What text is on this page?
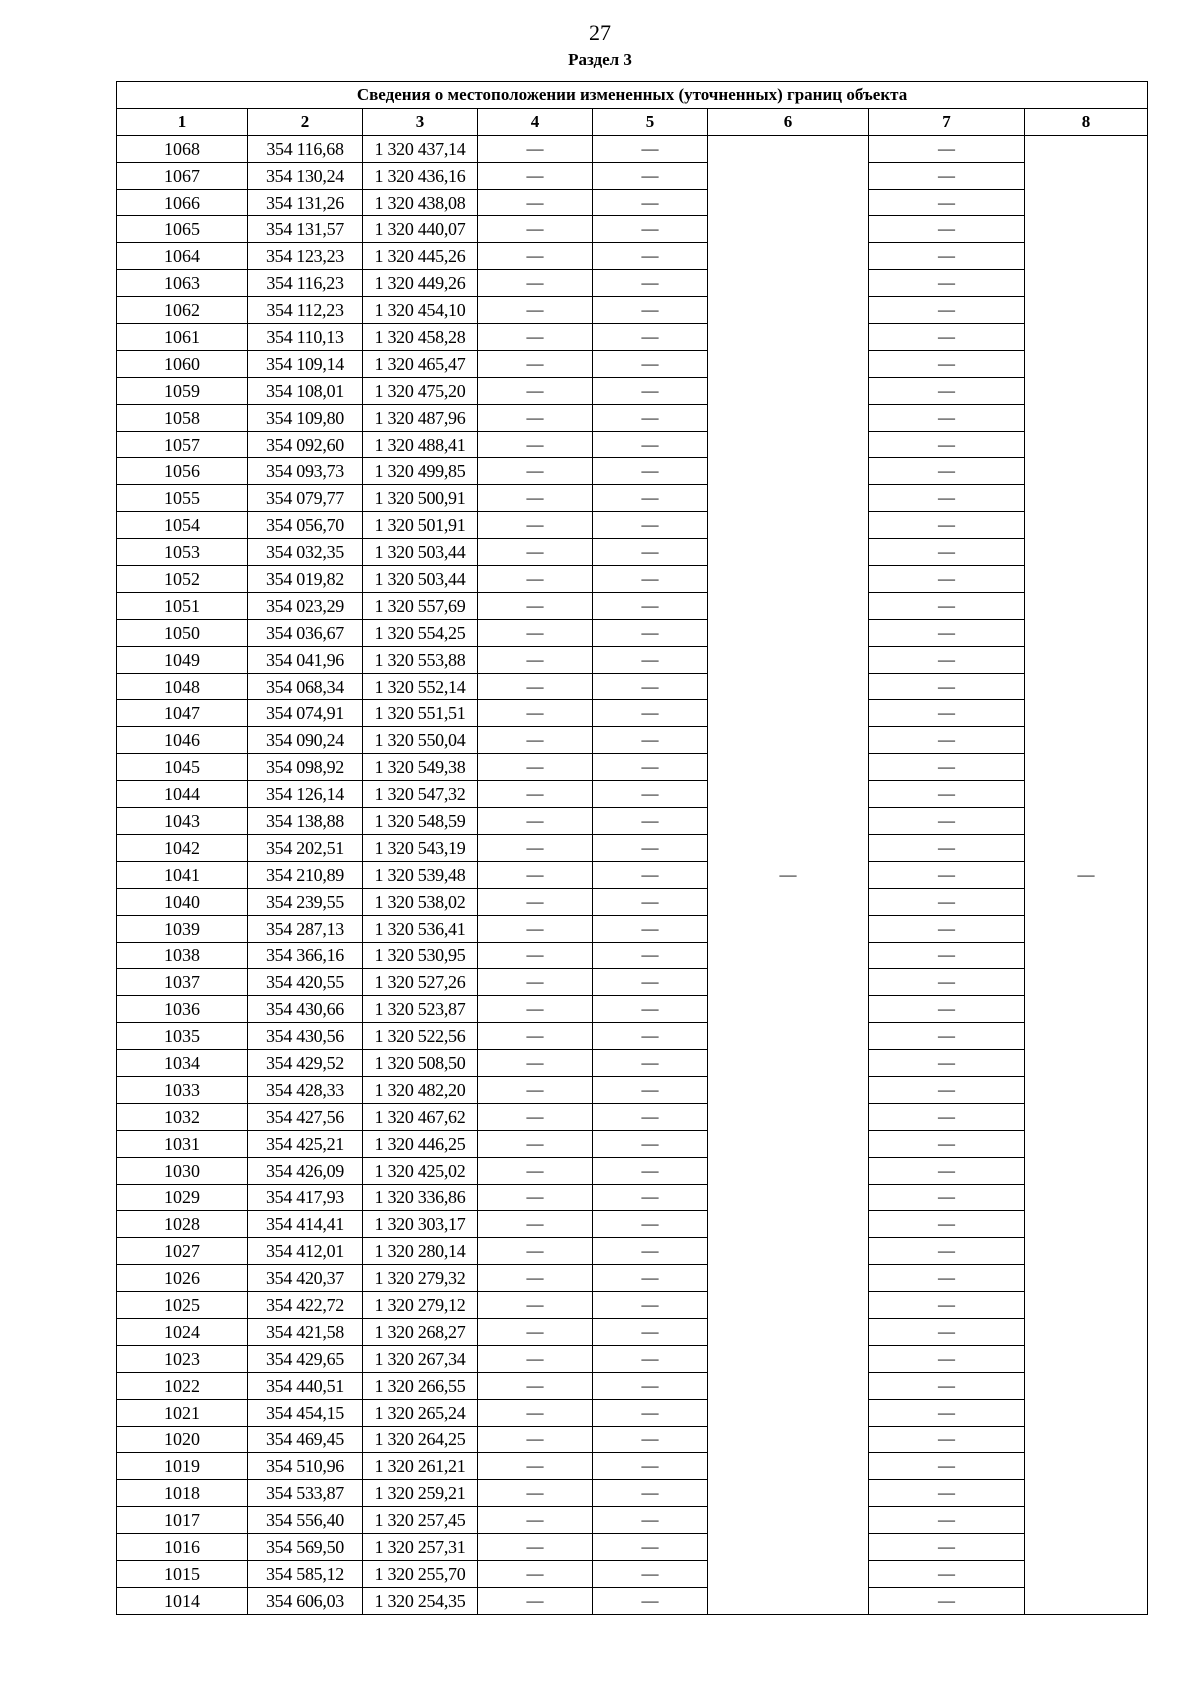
27
Раздел 3
Сведения о местоположении измененных (уточненных) границ объекта							
1	2	3	4	5	6	7	8
1068	354 116,68	1 320 437,14	—	—	—	—	—
1067	354 130,24	1 320 436,16	—	—		—	
1066	354 131,26	1 320 438,08	—	—		—	
1065	354 131,57	1 320 440,07	—	—		—	
1064	354 123,23	1 320 445,26	—	—		—	
1063	354 116,23	1 320 449,26	—	—		—	
1062	354 112,23	1 320 454,10	—	—		—	
1061	354 110,13	1 320 458,28	—	—		—	
1060	354 109,14	1 320 465,47	—	—		—	
1059	354 108,01	1 320 475,20	—	—		—	
1058	354 109,80	1 320 487,96	—	—		—	
1057	354 092,60	1 320 488,41	—	—		—	
1056	354 093,73	1 320 499,85	—	—		—	
1055	354 079,77	1 320 500,91	—	—		—	
1054	354 056,70	1 320 501,91	—	—		—	
1053	354 032,35	1 320 503,44	—	—		—	
1052	354 019,82	1 320 503,44	—	—		—	
1051	354 023,29	1 320 557,69	—	—		—	
1050	354 036,67	1 320 554,25	—	—		—	
1049	354 041,96	1 320 553,88	—	—		—	
1048	354 068,34	1 320 552,14	—	—		—	
1047	354 074,91	1 320 551,51	—	—		—	
1046	354 090,24	1 320 550,04	—	—		—	
1045	354 098,92	1 320 549,38	—	—		—	
1044	354 126,14	1 320 547,32	—	—		—	
1043	354 138,88	1 320 548,59	—	—		—	
1042	354 202,51	1 320 543,19	—	—		—	
1041	354 210,89	1 320 539,48	—	—		—	
1040	354 239,55	1 320 538,02	—	—		—	
1039	354 287,13	1 320 536,41	—	—		—	
1038	354 366,16	1 320 530,95	—	—		—	
1037	354 420,55	1 320 527,26	—	—		—	
1036	354 430,66	1 320 523,87	—	—		—	
1035	354 430,56	1 320 522,56	—	—		—	
1034	354 429,52	1 320 508,50	—	—		—	
1033	354 428,33	1 320 482,20	—	—		—	
1032	354 427,56	1 320 467,62	—	—		—	
1031	354 425,21	1 320 446,25	—	—		—	
1030	354 426,09	1 320 425,02	—	—		—	
1029	354 417,93	1 320 336,86	—	—		—	
1028	354 414,41	1 320 303,17	—	—		—	
1027	354 412,01	1 320 280,14	—	—		—	
1026	354 420,37	1 320 279,32	—	—		—	
1025	354 422,72	1 320 279,12	—	—		—	
1024	354 421,58	1 320 268,27	—	—		—	
1023	354 429,65	1 320 267,34	—	—		—	
1022	354 440,51	1 320 266,55	—	—		—	
1021	354 454,15	1 320 265,24	—	—		—	
1020	354 469,45	1 320 264,25	—	—		—	
1019	354 510,96	1 320 261,21	—	—		—	
1018	354 533,87	1 320 259,21	—	—		—	
1017	354 556,40	1 320 257,45	—	—		—	
1016	354 569,50	1 320 257,31	—	—		—	
1015	354 585,12	1 320 255,70	—	—		—	
1014	354 606,03	1 320 254,35	—	—		—	
